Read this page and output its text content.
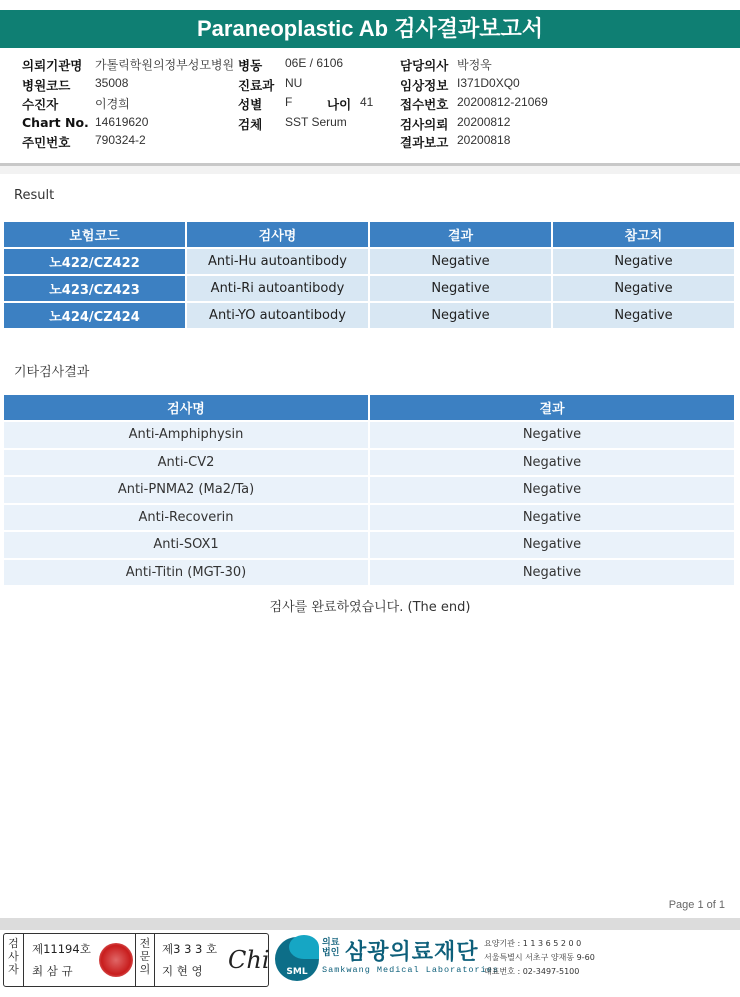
Paraneoplastic Ab 검사결과보고서
의뢰기관명 가톨릭학원의정부성모병원 병동 06E / 6106	담당의사 박정욱
병원코드 35008	진료과 NU	임상정보 I371D0XQ0
수진자	이경희	성별 F	나이 41 접수번호 20200812-21069
Chart No. 14619620	검체 SST Serum	검사의뢰 20200812
주민번호 790324-2	결과보고 20200818
Result
보험코드	검사명	결과	참고치
노422/CZ422	Anti-Hu autoantibody	Negative	Negative
노423/CZ423	Anti-Ri autoantibody	Negative	Negative
노424/CZ424	Anti-YO autoantibody	Negative	Negative
기타검사결과
검사명	결과
Anti-Amphiphysin	Negative
Anti-CV2	Negative
Anti-PNMA2 (Ma2/Ta)	Negative
Anti-Recoverin	Negative
Anti-SOX1	Negative
Anti-Titin (MGT-30)	Negative
검사를 완료하였습니다. (The end)
Page 1 of 1
검사자
제11194호
최 삼 규
전문의
제3 3 3 호
지 현 영 Chi	SML
의료
법인 삼광의료재단
Samkwang Medical Laboratories
요양기관 : 1 1 3 6 5 2 0 0
서울특별시 서초구 양재동 9-60
대표번호 : 02-3497-5100
